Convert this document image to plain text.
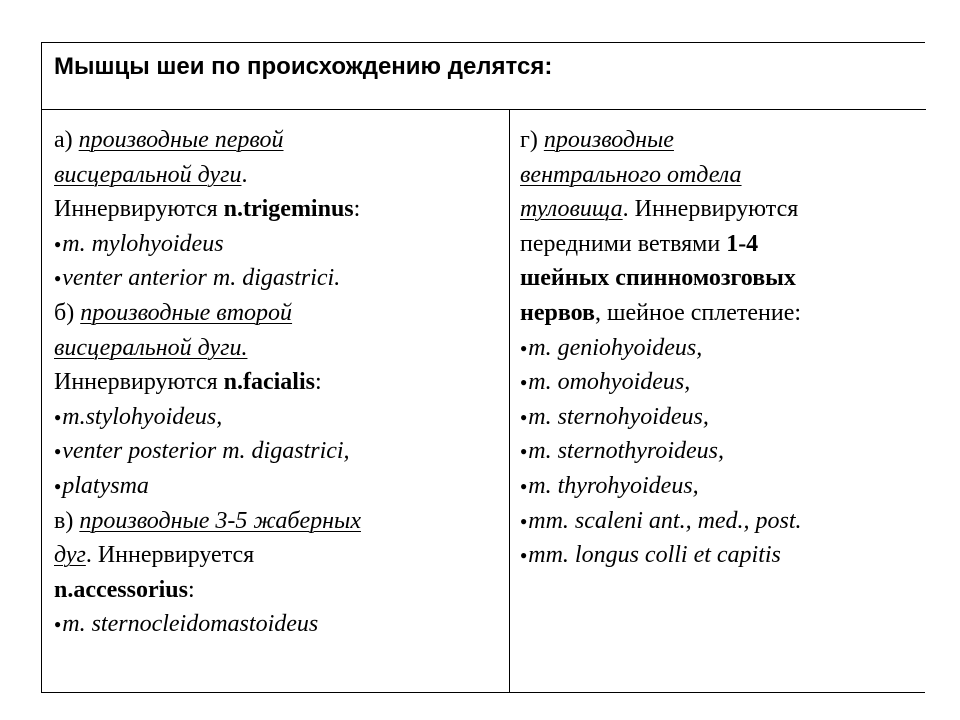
Мышцы шеи по происхождению делятся:
а) производные первой
висцеральной дуги.
Иннервируются n.trigeminus:
●m. mylohyoideus
●venter anterior m. digastrici.
б) производные второй
висцеральной дуги.
Иннервируются n.facialis:
●m.stylohyoideus,
●venter posterior m. digastrici,
●platysma
в) производные 3-5 жаберных
дуг. Иннервируется
n.accessorius:
●m. sternocleidomastoideus
г) производные
вентрального отдела
туловища. Иннервируются
передними ветвями 1-4
шейных спинномозговых
нервов, шейное сплетение:
●m. geniohyoideus,
●m. omohyoideus,
●m. sternohyoideus,
●m. sternothyroideus,
●m. thyrohyoideus,
●mm. scaleni ant., med., post.
●mm. longus colli et capitis
